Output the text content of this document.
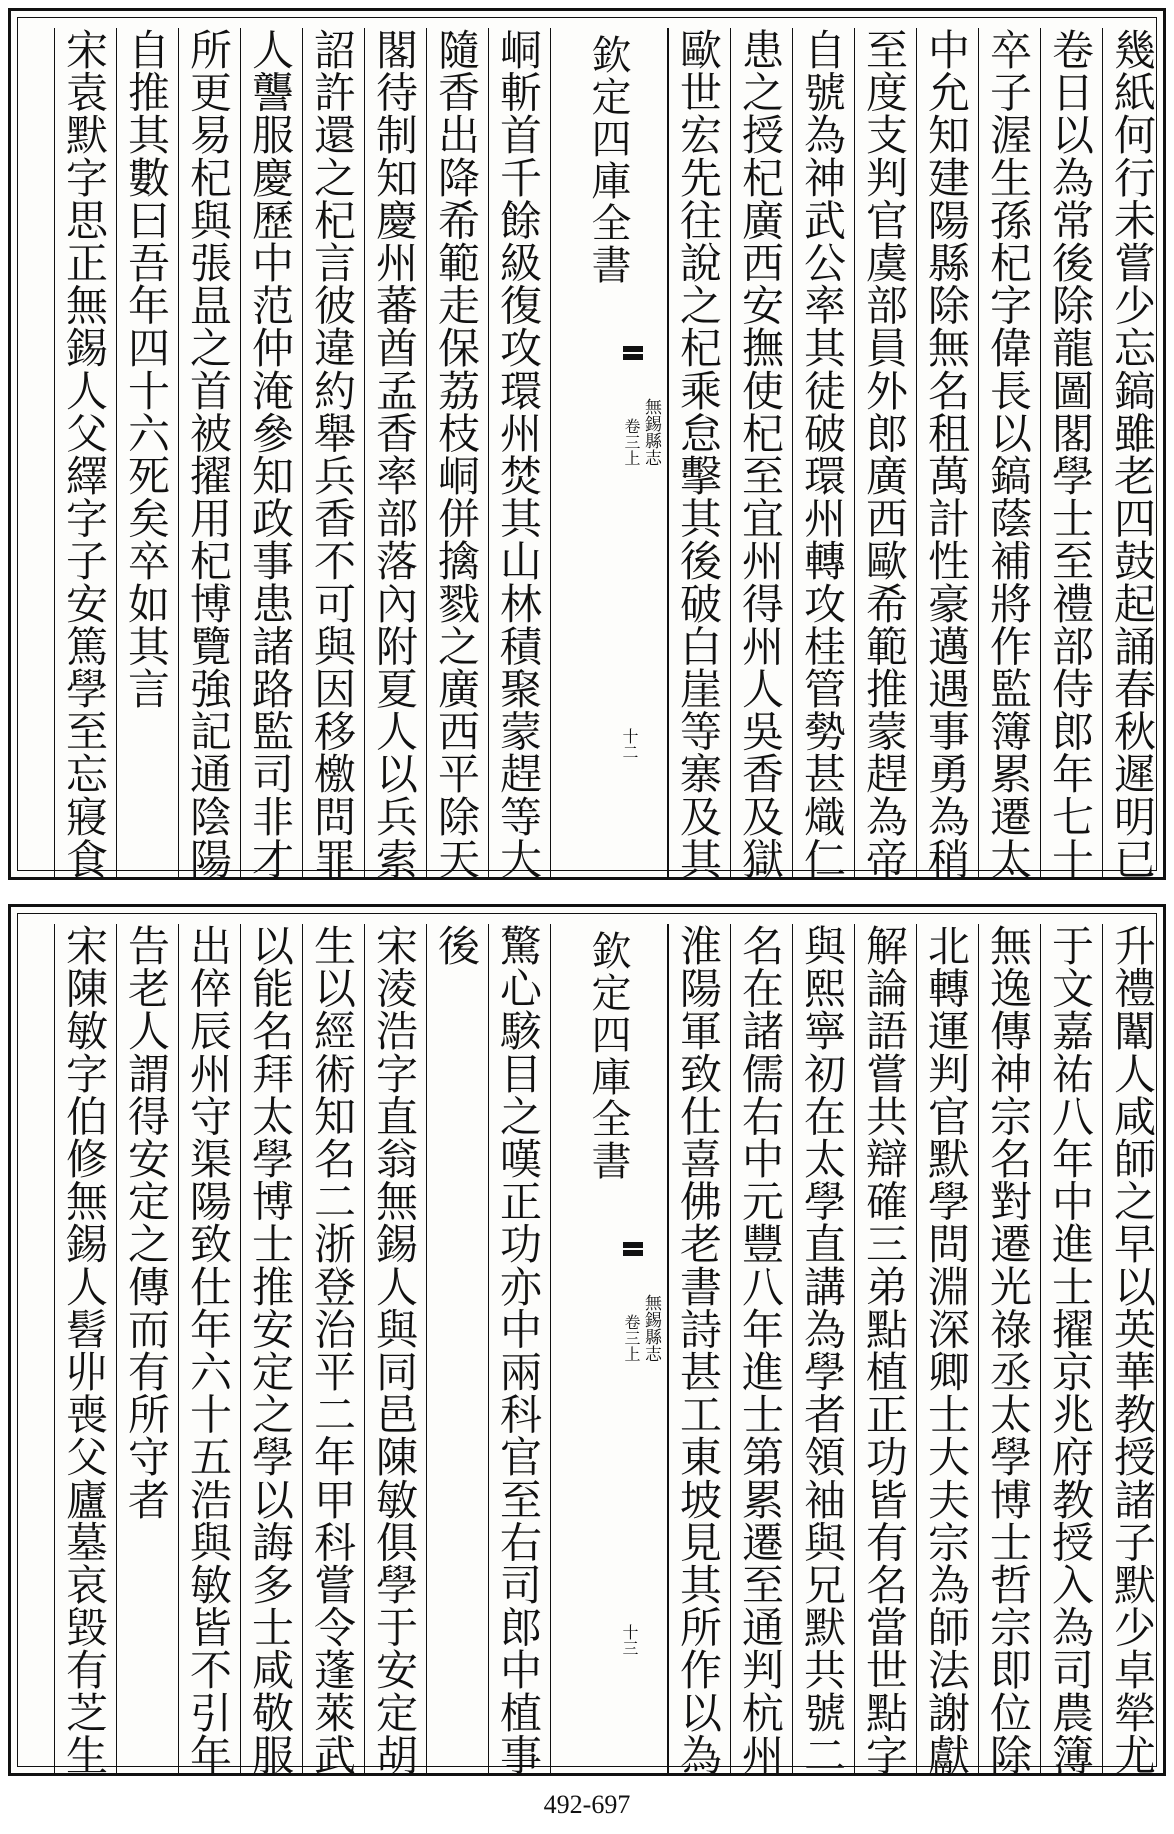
幾紙何行未嘗少忘鎬雖老四鼓起誦春秋遲明已
卷日以為常後除龍圖閣學士至禮部侍郎年七十
卒子渥生孫杞字偉長以鎬蔭補將作監簿累遷太
中允知建陽縣除無名租萬計性豪邁遇事勇為稍
至度支判官虞部員外郎廣西歐希範推蒙趕為帝
自號為神武公率其徒破環州轉攻桂管勢甚熾仁
患之授杞廣西安撫使杞至宜州得州人吳香及獄
歐世宏先往說之杞乘怠擊其後破白崖等寨及其
欽定四庫全書
無錫縣志
卷三上
十二
峒斬首千餘級復攻環州焚其山林積聚蒙趕等大
隨香出降希範走保荔枝峒併擒戮之廣西平除天
閣待制知慶州蕃酋孟香率部落內附夏人以兵索
詔許還之杞言彼違約舉兵香不可與因移檄問罪
人讋服慶歷中范仲淹參知政事患諸路監司非才
所更易杞與張昷之首被擢用杞博覽強記通陰陽
自推其數曰吾年四十六死矣卒如其言
宋袁默字思正無錫人父繹字子安篤學至忘寢食
升禮闈人咸師之早以英華教授諸子默少卓犖尤
于文嘉祐八年中進士擢京兆府教授入為司農簿
無逸傳神宗名對遷光祿丞太學博士哲宗即位除
北轉運判官默學問淵深卿士大夫宗為師法謝獻
解論語嘗共辯確三弟點植正功皆有名當世點字
與熙寧初在太學直講為學者領袖與兄默共號二
名在諸儒右中元豐八年進士第累遷至通判杭州
淮陽軍致仕喜佛老書詩甚工東坡見其所作以為
欽定四庫全書
無錫縣志
卷三上
十三
驚心駭目之嘆正功亦中兩科官至右司郎中植事
後
宋淩浩字直翁無錫人與同邑陳敏俱學于安定胡
生以經術知名二浙登治平二年甲科嘗令蓬萊武
以能名拜太學博士推安定之學以誨多士咸敬服
出倅辰州守渠陽致仕年六十五浩與敏皆不引年
告老人謂得安定之傳而有所守者
宋陳敏字伯修無錫人髫丱喪父廬墓哀毀有芝生
492-697
